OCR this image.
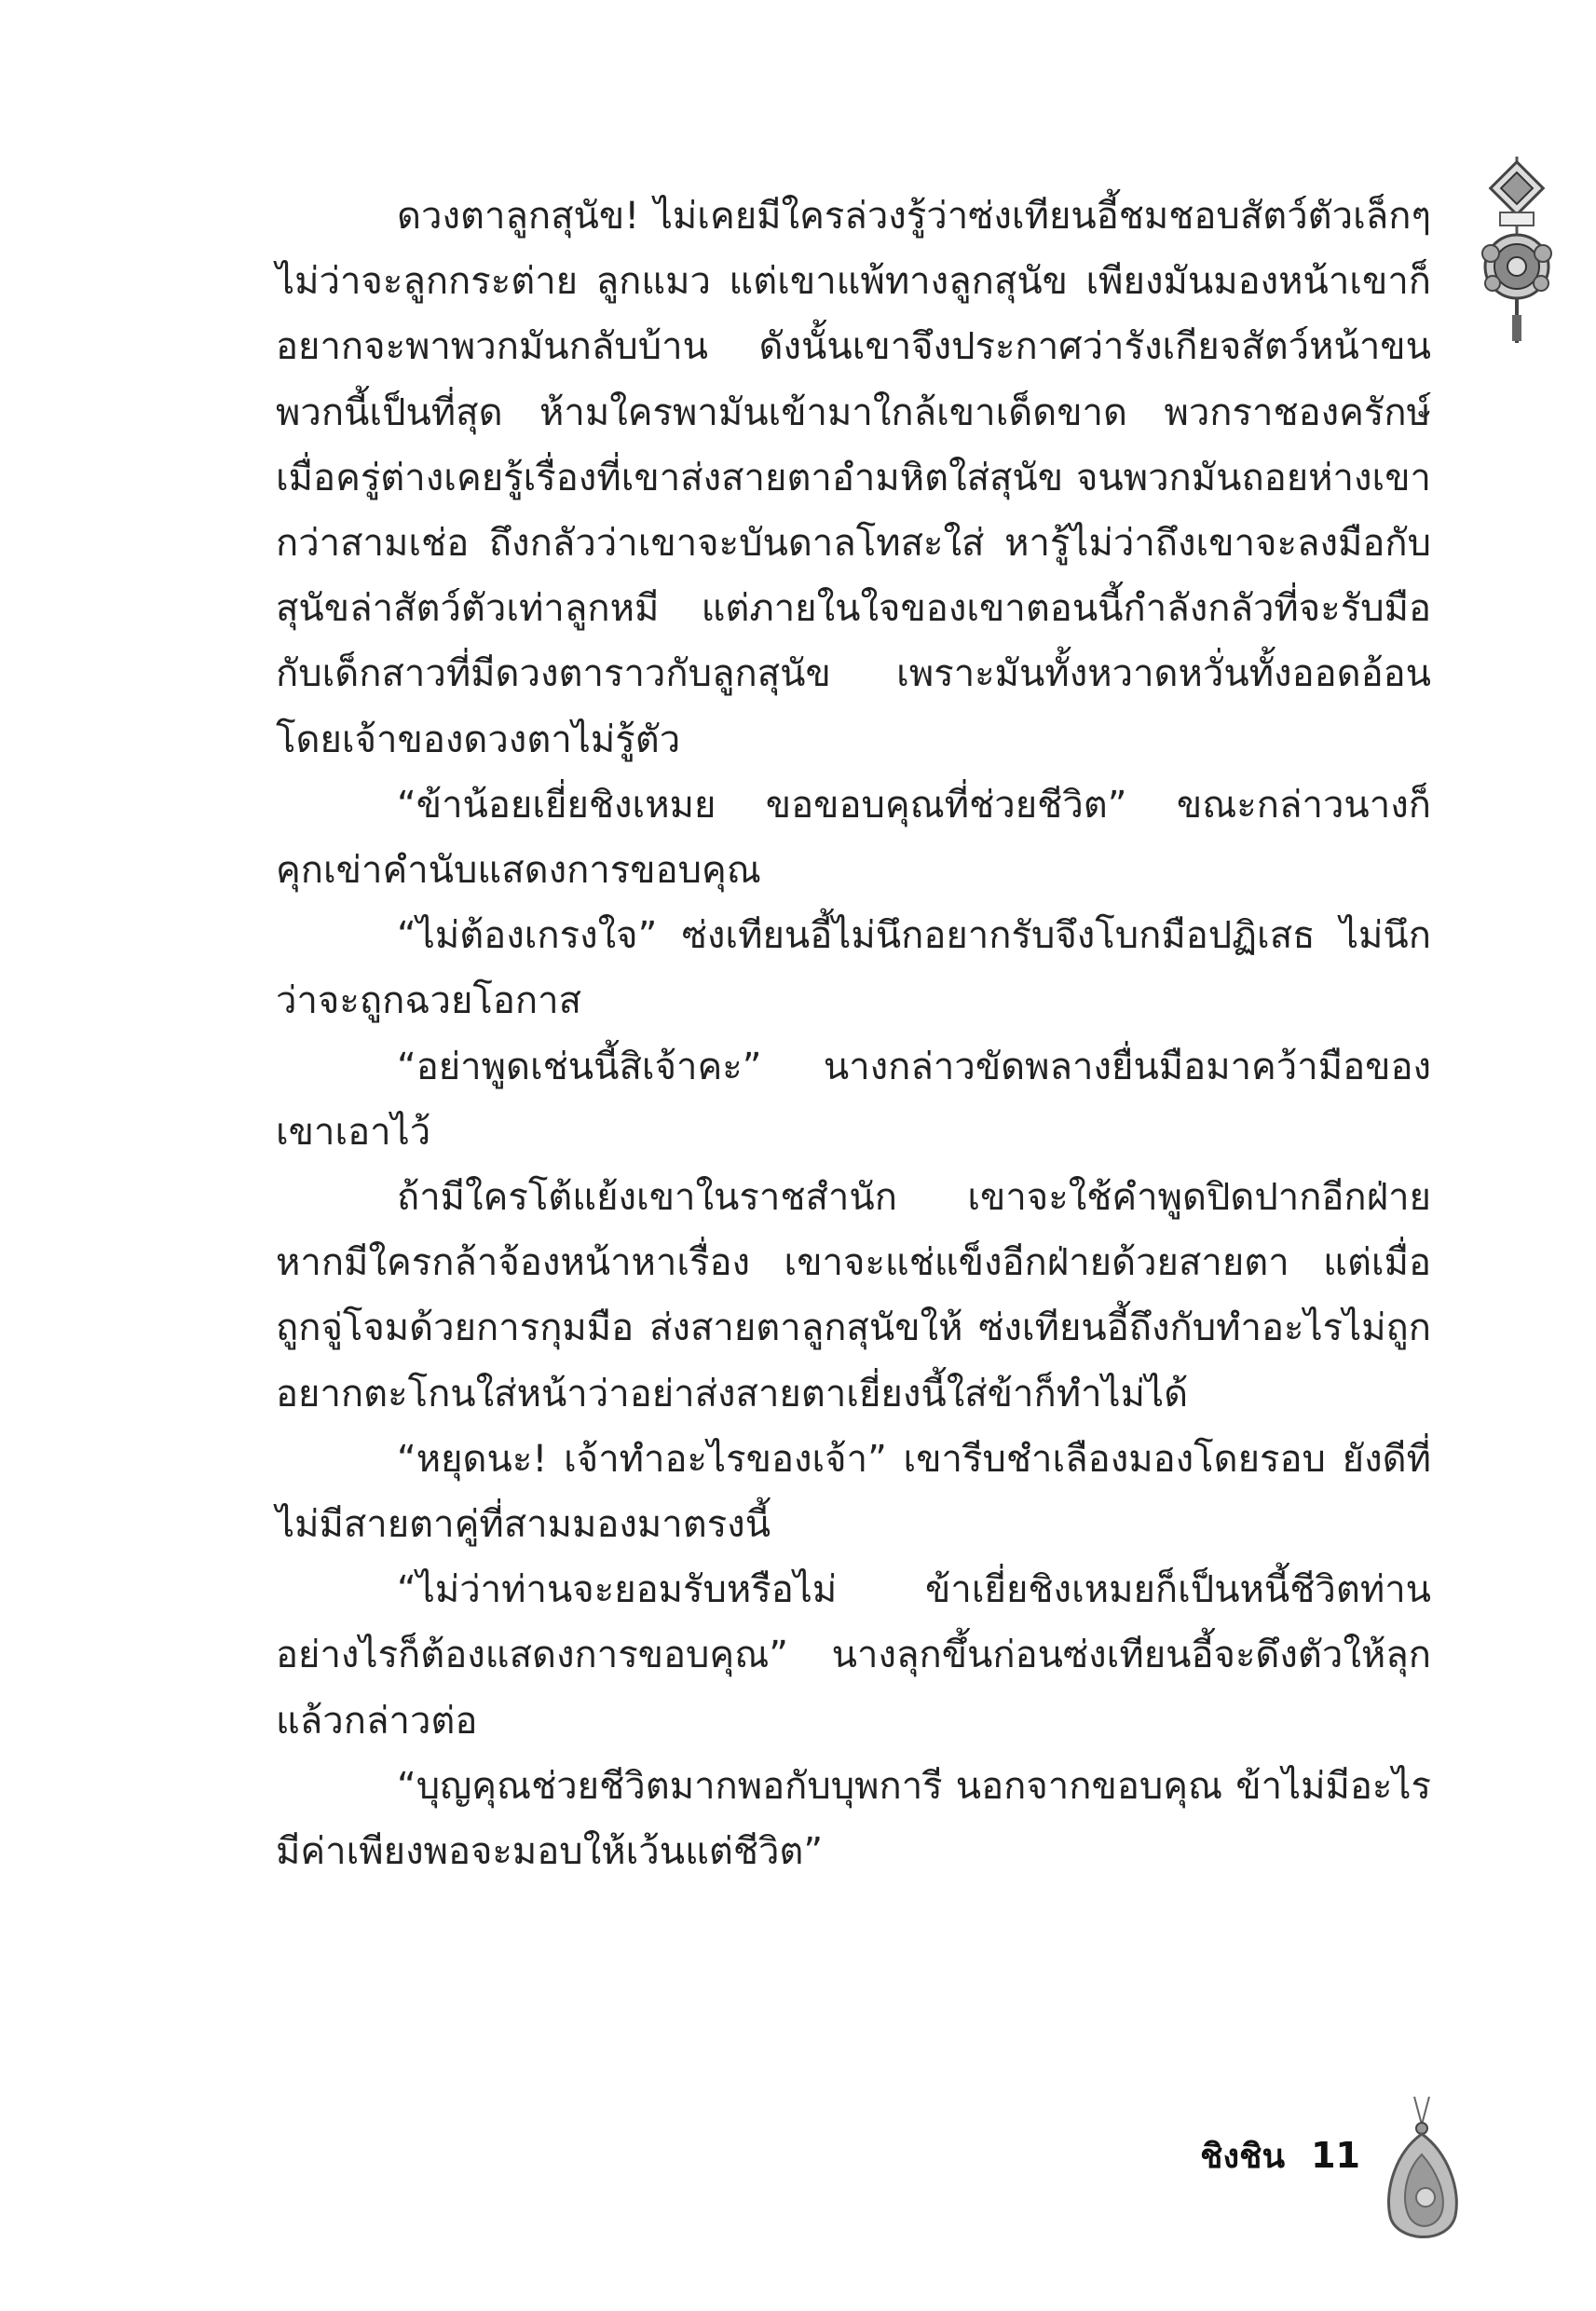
ดวงตาลูกสุนัข! ไม่เคยมีใครล่วงรู้ว่าซ่งเทียนอี้ชมชอบสัตว์ตัวเล็กๆ ไม่ว่าจะลูกกระต่าย ลูกแมว แต่เขาแพ้ทางลูกสุนัข เพียงมันมองหน้าเขาก็อยากจะพาพวกมันกลับบ้าน ดังนั้นเขาจึงประกาศว่ารังเกียจสัตว์หน้าขนพวกนี้เป็นที่สุด ห้ามใครพามันเข้ามาใกล้เขาเด็ดขาด พวกราชองครักษ์เมื่อครู่ต่างเคยรู้เรื่องที่เขาส่งสายตาอำมหิตใส่สุนัข จนพวกมันถอยห่างเขากว่าสามเช่อ ถึงกลัวว่าเขาจะบันดาลโทสะใส่ หารู้ไม่ว่าถึงเขาจะลงมือกับสุนัขล่าสัตว์ตัวเท่าลูกหมี แต่ภายในใจของเขาตอนนี้กำลังกลัวที่จะรับมือกับเด็กสาวที่มีดวงตาราวกับลูกสุนัข เพราะมันทั้งหวาดหวั่นทั้งออดอ้อนโดยเจ้าของดวงตาไม่รู้ตัว

“ข้าน้อยเยี่ยชิงเหมย ขอขอบคุณที่ช่วยชีวิต” ขณะกล่าวนางก็คุกเข่าคำนับแสดงการขอบคุณ

“ไม่ต้องเกรงใจ” ซ่งเทียนอี้ไม่นึกอยากรับจึงโบกมือปฏิเสธ ไม่นึกว่าจะถูกฉวยโอกาส

“อย่าพูดเช่นนี้สิเจ้าคะ” นางกล่าวขัดพลางยื่นมือมาคว้ามือของเขาเอาไว้

ถ้ามีใครโต้แย้งเขาในราชสำนัก เขาจะใช้คำพูดปิดปากอีกฝ่าย หากมีใครกล้าจ้องหน้าหาเรื่อง เขาจะแช่แข็งอีกฝ่ายด้วยสายตา แต่เมื่อถูกจู่โจมด้วยการกุมมือ ส่งสายตาลูกสุนัขให้ ซ่งเทียนอี้ถึงกับทำอะไรไม่ถูก อยากตะโกนใส่หน้าว่าอย่าส่งสายตาเยี่ยงนี้ใส่ข้าก็ทำไม่ได้

“หยุดนะ! เจ้าทำอะไรของเจ้า” เขารีบชำเลืองมองโดยรอบ ยังดีที่ไม่มีสายตาคู่ที่สามมองมาตรงนี้

“ไม่ว่าท่านจะยอมรับหรือไม่ ข้าเยี่ยชิงเหมยก็เป็นหนี้ชีวิตท่าน อย่างไรก็ต้องแสดงการขอบคุณ” นางลุกขึ้นก่อนซ่งเทียนอี้จะดึงตัวให้ลุกแล้วกล่าวต่อ

“บุญคุณช่วยชีวิตมากพอกับบุพการี นอกจากขอบคุณ ข้าไม่มีอะไรมีค่าเพียงพอจะมอบให้เว้นแต่ชีวิต”

ชิงชิน 11
